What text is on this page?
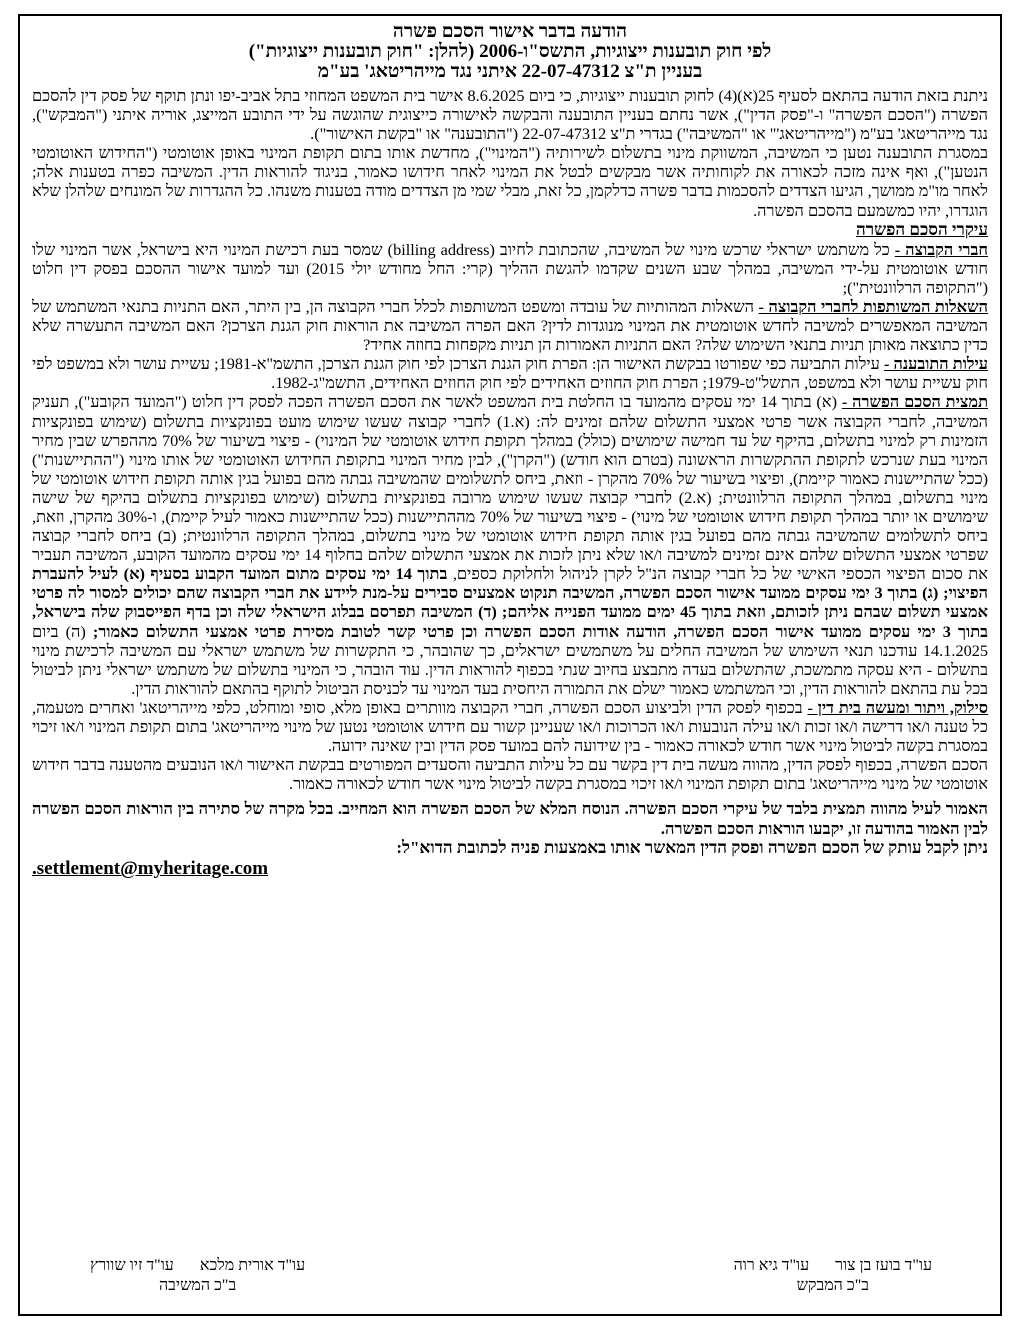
הודעה בדבר אישור הסכם פשרה
לפי חוק תובענות ייצוגיות, התשס"ו-2006 (להלן: "חוק תובענות ייצוגיות")
בעניין ת"צ 22-07-47312 איתני נגד מייהריטאג' בע"מ

ניתנת בזאת הודעה בהתאם לסעיף 25(א)(4) לחוק תובענות ייצוגיות, כי ביום 8.6.2025 אישר בית המשפט המחוזי בתל אביב-יפו ונתן תוקף של פסק דין להסכם הפשרה ("הסכם הפשרה" ו-"פסק הדין"), אשר נחתם בעניין התובענה והבקשה לאישורה כייצוגית שהוגשה על ידי התובע המייצג, אוריה איתני ("המבקש"), נגד מייהריטאג' בע"מ ("מייהריטאג'" או "המשיבה") בגדרי ת"צ 22-07-47312 ("התובענה" או "בקשת האישור").

במסגרת התובענה נטען כי המשיבה, המשווקת מינוי בתשלום לשירותיה ("המינוי"), מחדשת אותו בתום תקופת המינוי באופן אוטומטי ("החידוש האוטומטי הנטען"), ואף אינה מזכה לכאורה את לקוחותיה אשר מבקשים לבטל את המינוי לאחר חידושו כאמור, בניגוד להוראות הדין. המשיבה כפרה בטענות אלה; לאחר מו"מ ממושך, הגיעו הצדדים להסכמות בדבר פשרה כדלקמן, כל זאת, מבלי שמי מן הצדדים מודה בטענות משנהו. כל ההגדרות של המונחים שלהלן שלא הוגדרו, יהיו כמשמעם בהסכם הפשרה.

עיקרי הסכם הפשרה

חברי הקבוצה - כל משתמש ישראלי שרכש מינוי של המשיבה, שהכתובת לחיוב (billing address) שמסר בעת רכישת המינוי היא בישראל, אשר המינוי שלו חודש אוטומטית על-ידי המשיבה, במהלך שבע השנים שקדמו להגשת ההליך (קרי: החל מחודש יולי 2015) ועד למועד אישור ההסכם בפסק דין חלוט ("התקופה הרלוונטית");

השאלות המשותפות לחברי הקבוצה - השאלות המהותיות של עובדה ומשפט המשותפות לכלל חברי הקבוצה הן, בין היתר, האם התניות בתנאי המשתמש של המשיבה המאפשרים למשיבה לחדש אוטומטית את המינוי מנוגדות לדין? האם הפרה המשיבה את הוראות חוק הגנת הצרכן? האם המשיבה התעשרה שלא כדין כתוצאה מאותן תניות בתנאי השימוש שלה? האם התניות האמורות הן תניות מקפחות בחוזה אחיד?

עילות התובענה - עילות התביעה כפי שפורטו בבקשת האישור הן: הפרת חוק הגנת הצרכן לפי חוק הגנת הצרכן, התשמ"א-1981; עשיית עושר ולא במשפט לפי חוק עשיית עושר ולא במשפט, התשל"ט-1979; הפרת חוק החוזים האחידים לפי חוק החוזים האחידים, התשמ"ג-1982.

תמצית הסכם הפשרה - (א) בתוך 14 ימי עסקים מהמועד בו החלטת בית המשפט לאשר את הסכם הפשרה הפכה לפסק דין חלוט ("המועד הקובע"), תעניק המשיבה, לחברי הקבוצה אשר פרטי אמצעי התשלום שלהם זמינים לה: (א.1) לחברי קבוצה שעשו שימוש מועט בפונקציות בתשלום (שימוש בפונקציות הזמינות רק למינוי בתשלום, בהיקף של עד חמישה שימושים (כולל) במהלך תקופת חידוש אוטומטי של המינוי) - פיצוי בשיעור של 70% מההפרש שבין מחיר המינוי בעת שנרכש לתקופת ההתקשרות הראשונה (בטרם הוא חודש) ("הקרן"), לבין מחיר המינוי בתקופת החידוש האוטומטי של אותו מינוי ("ההתיישנות") (ככל שהתיישנות כאמור קיימת), ופיצוי בשיעור של 70% מהקרן - וזאת, ביחס לתשלומים שהמשיבה גבתה מהם בפועל בגין אותה תקופת חידוש אוטומטי של מינוי בתשלום, במהלך התקופה הרלוונטית; (א.2) לחברי קבוצה שעשו שימוש מרובה בפונקציות בתשלום (שימוש בפונקציות בתשלום בהיקף של שישה שימושים או יותר במהלך תקופת חידוש אוטומטי של מינוי) - פיצוי בשיעור של 70% מההתיישנות (ככל שהתיישנות כאמור לעיל קיימת), ו-30% מהקרן, וזאת, ביחס לתשלומים שהמשיבה גבתה מהם בפועל בגין אותה תקופת חידוש אוטומטי של מינוי בתשלום, במהלך התקופה הרלוונטית; (ב) ביחס לחברי קבוצה שפרטי אמצעי התשלום שלהם אינם זמינים למשיבה ו/או שלא ניתן לזכות את אמצעי התשלום שלהם בחלוף 14 ימי עסקים מהמועד הקובע, המשיבה תעביר את סכום הפיצוי הכספי האישי של כל חברי קבוצה הנ"ל לקרן לניהול ולחלוקת כספים, בתוך 14 ימי עסקים מתום המועד הקבוע בסעיף (א) לעיל להעברת הפיצוי; (ג) בתוך 3 ימי עסקים ממועד אישור הסכם הפשרה, המשיבה תנקוט אמצעים סבירים על-מנת ליידע את חברי הקבוצה שהם יכולים למסור לה פרטי אמצעי תשלום שבהם ניתן לזכותם, וזאת בתוך 45 ימים ממועד הפנייה אליהם; (ד) המשיבה תפרסם בבלוג הישראלי שלה וכן בדף הפייסבוק שלה בישראל, בתוך 3 ימי עסקים ממועד אישור הסכם הפשרה, הודעה אודות הסכם הפשרה וכן פרטי קשר לטובת מסירת פרטי אמצעי התשלום כאמור; (ה) ביום 14.1.2025 עודכנו תנאי השימוש של המשיבה החלים על משתמשים ישראלים, כך שהובהר, כי התקשרות של משתמש ישראלי עם המשיבה לרכישת מינוי בתשלום - היא עסקה מתמשכת, שהתשלום בעדה מתבצע בחיוב שנתי בכפוף להוראות הדין. עוד הובהר, כי המינוי בתשלום של משתמש ישראלי ניתן לביטול בכל עת בהתאם להוראות הדין, וכי המשתמש כאמור ישלם את התמורה היחסית בעד המינוי עד לכניסת הביטול לתוקף בהתאם להוראות הדין.

סילוק, ויתור ומעשה בית דין - בכפוף לפסק הדין ולביצוע הסכם הפשרה, חברי הקבוצה מוותרים באופן מלא, סופי ומוחלט, כלפי מייהריטאג' ואחרים מטעמה, כל טענה ו/או דרישה ו/או זכות ו/או עילה הנובעות ו/או הכרוכות ו/או שעניינן קשור עם חידוש אוטומטי נטען של מינוי מייהריטאג' בתום תקופת המינוי ו/או זיכוי במסגרת בקשה לביטול מינוי אשר חודש לכאורה כאמור - בין שידועה להם במועד פסק הדין ובין שאינה ידועה.

הסכם הפשרה, בכפוף לפסק הדין, מהווה מעשה בית דין בקשר עם כל עילות התביעה והסעדים המפורטים בבקשת האישור ו/או הנובעים מהטענה בדבר חידוש אוטומטי של מינוי מייהריטאג' בתום תקופת המינוי ו/או זיכוי במסגרת בקשה לביטול מינוי אשר חודש לכאורה כאמור.

האמור לעיל מהווה תמצית בלבד של עיקרי הסכם הפשרה. הנוסח המלא של הסכם הפשרה הוא המחייב. בכל מקרה של סתירה בין הוראות הסכם הפשרה לבין האמור בהודעה זו, יקבעו הוראות הסכם הפשרה.

ניתן לקבל עותק של הסכם הפשרה ופסק הדין המאשר אותו באמצעות פניה לכתובת הדוא"ל:

.settlement@myheritage.com

עו"ד בועז בן צור
עו"ד גיא רוה
ב"כ המבקש
עו"ד אורית מלכא
עו"ד זיו שוורץ
ב"כ המשיבה
